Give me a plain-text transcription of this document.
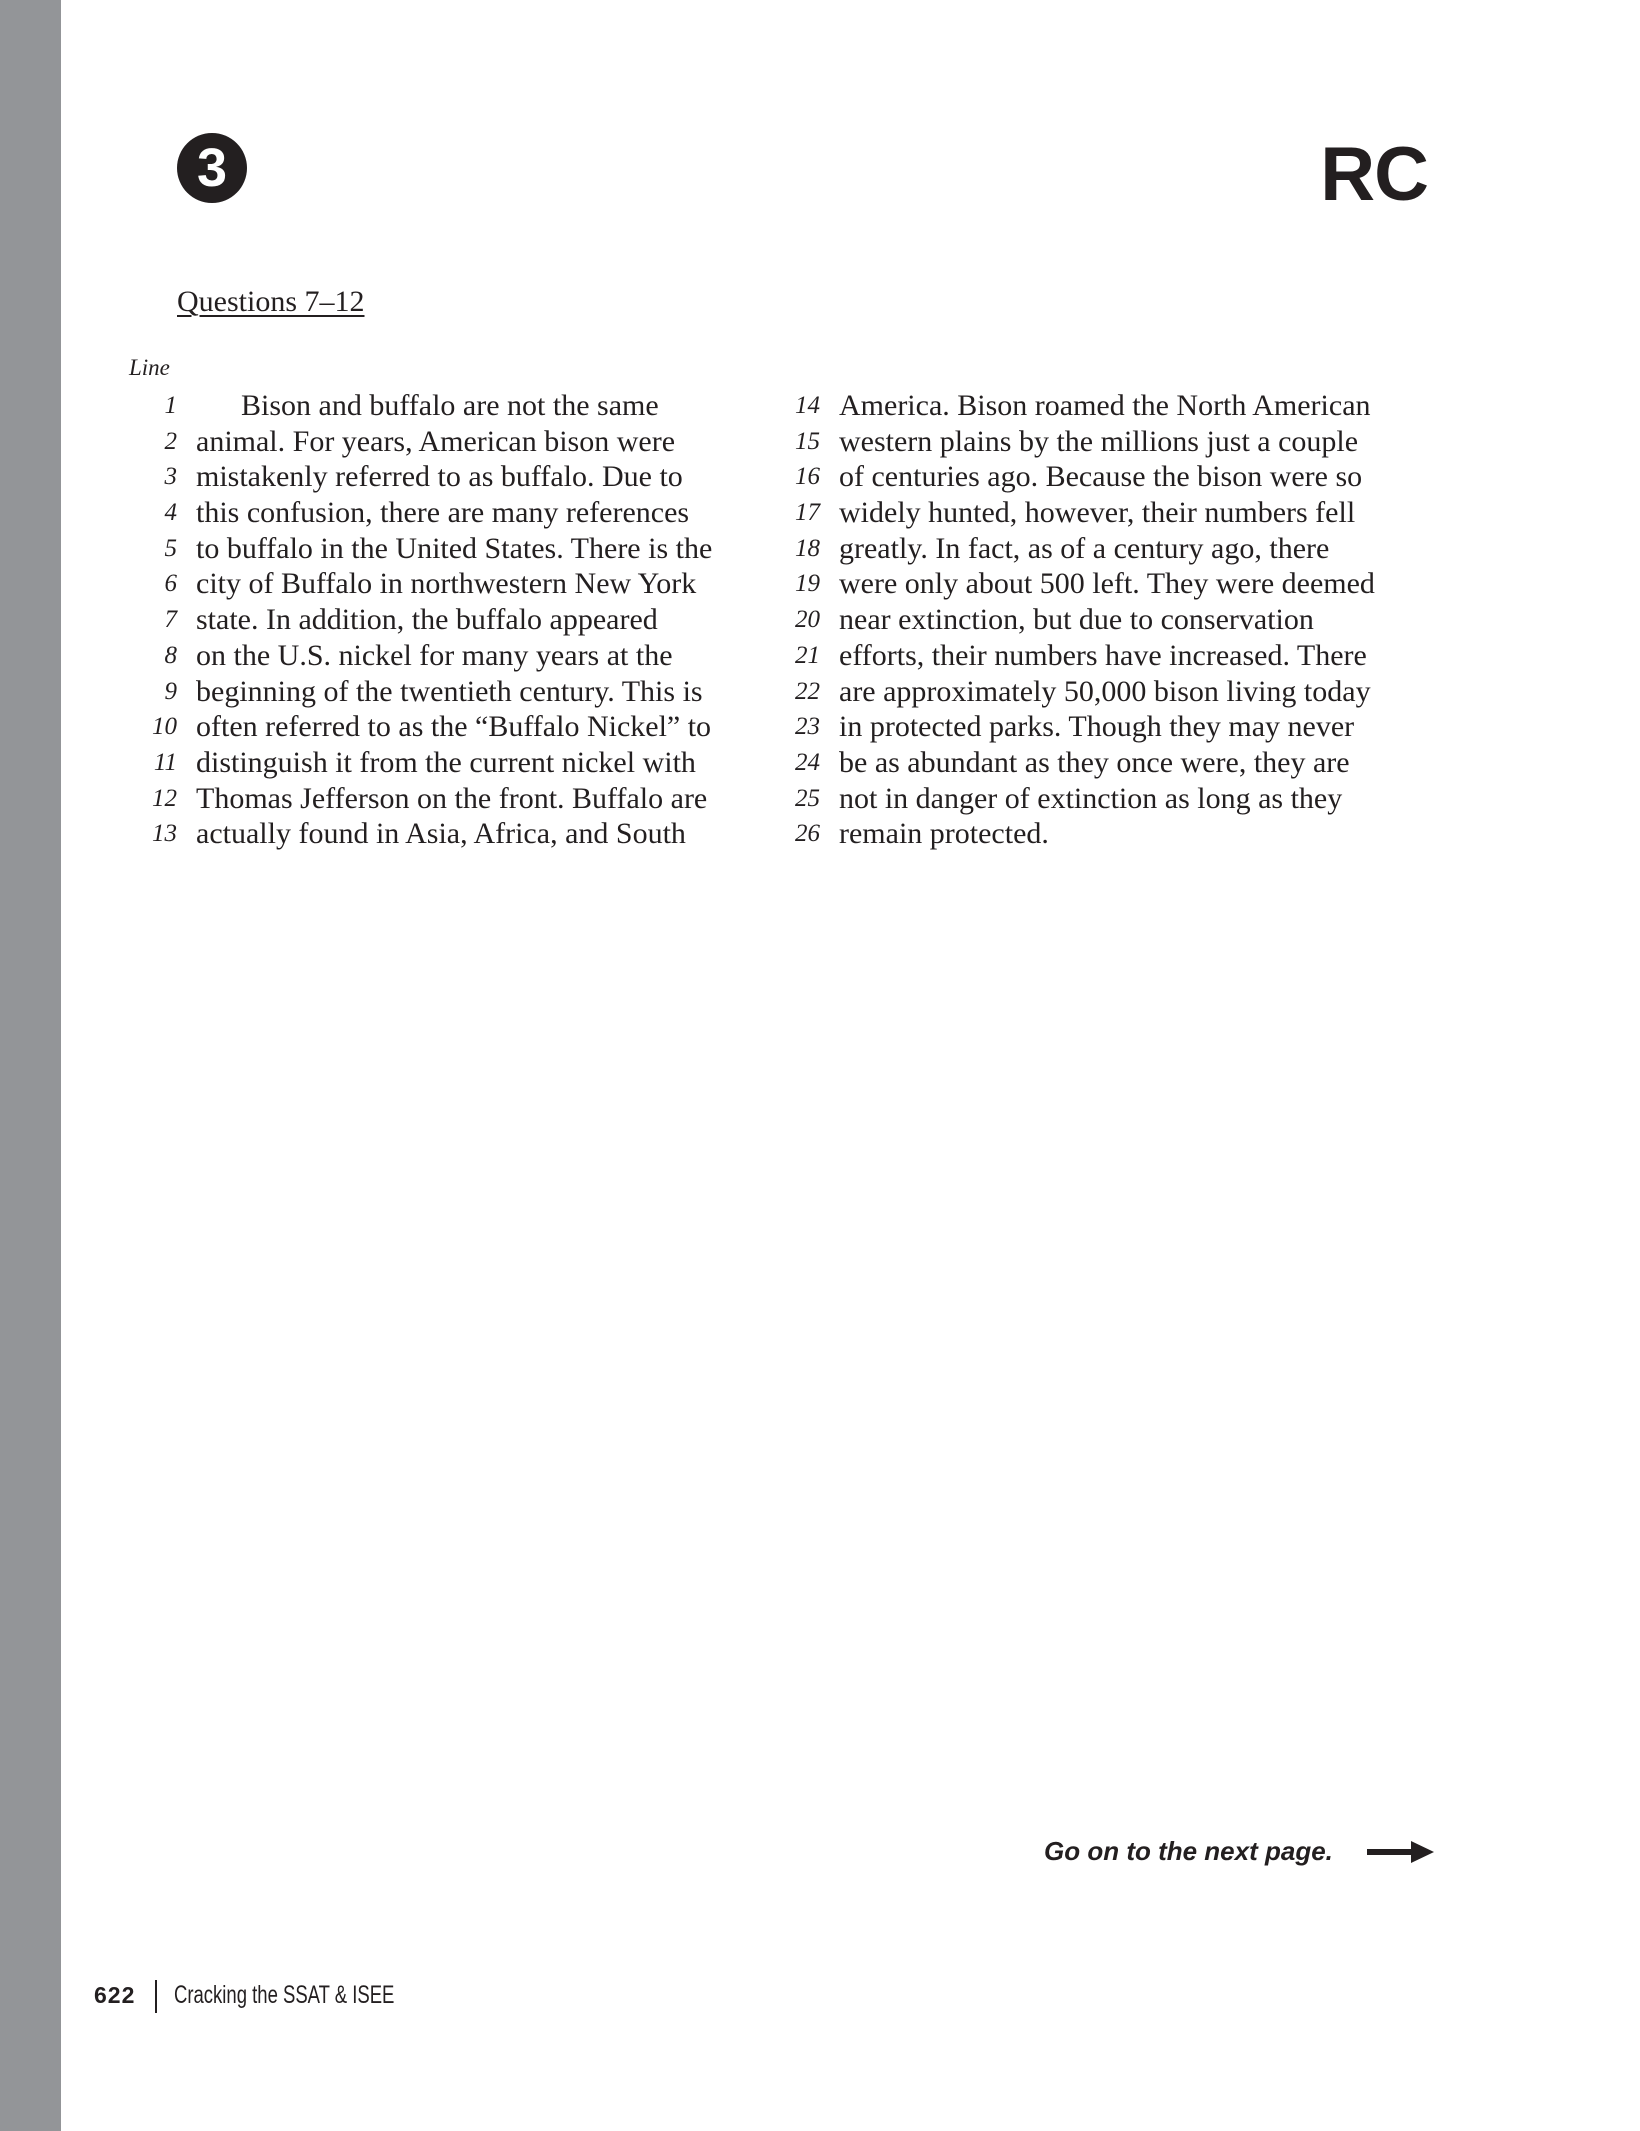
3	RC
Questions 7–12
Line
1	Bison and buffalo are not the same
2 animal. For years, American bison were
3 mistakenly referred to as buffalo. Due to
4 this confusion, there are many references
5 to buffalo in the United States. There is the
6 city of Buffalo in northwestern New York
7 state. In addition, the buffalo appeared
8 on the U.S. nickel for many years at the
9 beginning of the twentieth century. This is
10 often referred to as the “Buffalo Nickel” to
11 distinguish it from the current nickel with
12 Thomas Jefferson on the front. Buffalo are
13 actually found in Asia, Africa, and South
14 America. Bison roamed the North American
15 western plains by the millions just a couple
16 of centuries ago. Because the bison were so
17 widely hunted, however, their numbers fell
18 greatly. In fact, as of a century ago, there
19 were only about 500 left. They were deemed
20 near extinction, but due to conservation
21 efforts, their numbers have increased. There
22 are approximately 50,000 bison living today
23 in protected parks. Though they may never
24 be as abundant as they once were, they are
25 not in danger of extinction as long as they
26 remain protected.
Go on to the next page.
622 Cracking the SSAT & ISEE
